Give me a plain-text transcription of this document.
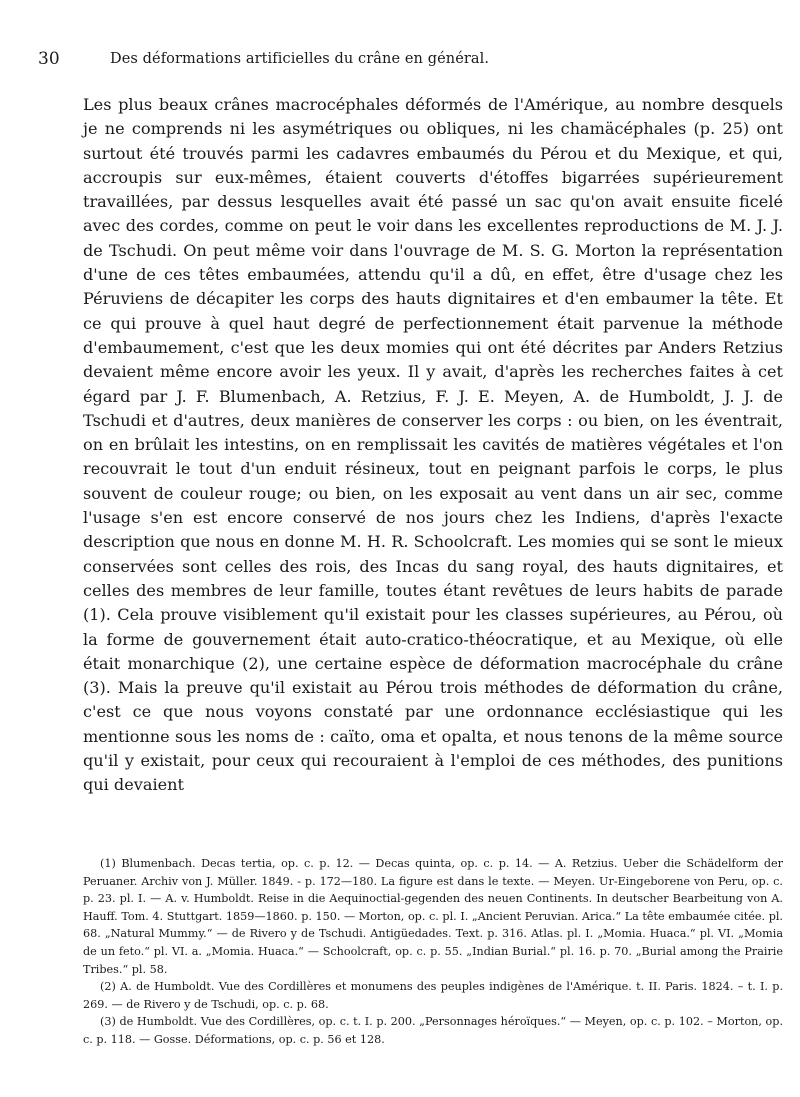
30	Des déformations artificielles du crâne en général.

Les plus beaux crânes macrocéphales déformés de l'Amérique, au nombre desquels je ne comprends ni les asymétriques ou obliques, ni les chamäcéphales (p. 25) ont surtout été trouvés parmi les cadavres embaumés du Pérou et du Mexique, et qui, accroupis sur eux-mêmes, étaient couverts d'étoffes bigarrées supérieurement travaillées, par dessus lesquelles avait été passé un sac qu'on avait ensuite ficelé avec des cordes, comme on peut le voir dans les excellentes reproductions de M. J. J. de Tschudi. On peut même voir dans l'ouvrage de M. S. G. Morton la représentation d'une de ces têtes embaumées, attendu qu'il a dû, en effet, être d'usage chez les Péruviens de décapiter les corps des hauts dignitaires et d'en embaumer la tête. Et ce qui prouve à quel haut degré de perfectionnement était parvenue la méthode d'embaumement, c'est que les deux momies qui ont été décrites par Anders Retzius devaient même encore avoir les yeux. Il y avait, d'après les recherches faites à cet égard par J. F. Blumenbach, A. Retzius, F. J. E. Meyen, A. de Humboldt, J. J. de Tschudi et d'autres, deux manières de conserver les corps : ou bien, on les éventrait, on en brûlait les intestins, on en remplissait les cavités de matières végétales et l'on recouvrait le tout d'un enduit résineux, tout en peignant parfois le corps, le plus souvent de couleur rouge; ou bien, on les exposait au vent dans un air sec, comme l'usage s'en est encore conservé de nos jours chez les Indiens, d'après l'exacte description que nous en donne M. H. R. Schoolcraft. Les momies qui se sont le mieux conservées sont celles des rois, des Incas du sang royal, des hauts dignitaires, et celles des membres de leur famille, toutes étant revêtues de leurs habits de parade (1). Cela prouve visiblement qu'il existait pour les classes supérieures, au Pérou, où la forme de gouvernement était auto-cratico-théocratique, et au Mexique, où elle était monarchique (2), une certaine espèce de déformation macrocéphale du crâne (3). Mais la preuve qu'il existait au Pérou trois méthodes de déformation du crâne, c'est ce que nous voyons constaté par une ordonnance ecclésiastique qui les mentionne sous les noms de : caïto, oma et opalta, et nous tenons de la même source qu'il y existait, pour ceux qui recouraient à l'emploi de ces méthodes, des punitions qui devaient

(1) Blumenbach. Decas tertia, op. c. p. 12. — Decas quinta, op. c. p. 14. — A. Retzius. Ueber die Schädelform der Peruaner. Archiv von J. Müller. 1849. - p. 172—180. La figure est dans le texte. — Meyen. Ur-Eingeborene von Peru, op. c. p. 23. pl. I. — A. v. Humboldt. Reise in die Aequinoctial-gegenden des neuen Continents. In deutscher Bearbeitung von A. Hauff. Tom. 4. Stuttgart. 1859—1860. p. 150. — Morton, op. c. pl. I. „Ancient Peruvian. Arica.“ La tête embaumée citée. pl. 68. „Natural Mummy.“ — de Rivero y de Tschudi. Antigüedades. Text. p. 316. Atlas. pl. I. „Momia. Huaca.“ pl. VI. „Momia de un feto.“ pl. VI. a. „Momia. Huaca.“ — Schoolcraft, op. c. p. 55. „Indian Burial.“ pl. 16. p. 70. „Burial among the Prairie Tribes.“ pl. 58.

(2) A. de Humboldt. Vue des Cordillères et monumens des peuples indigènes de l'Amérique. t. II. Paris. 1824. – t. I. p. 269. — de Rivero y de Tschudi, op. c. p. 68.

(3) de Humboldt. Vue des Cordillères, op. c. t. I. p. 200. „Personnages héroïques.“ — Meyen, op. c. p. 102. – Morton, op. c. p. 118. — Gosse. Déformations, op. c. p. 56 et 128.
